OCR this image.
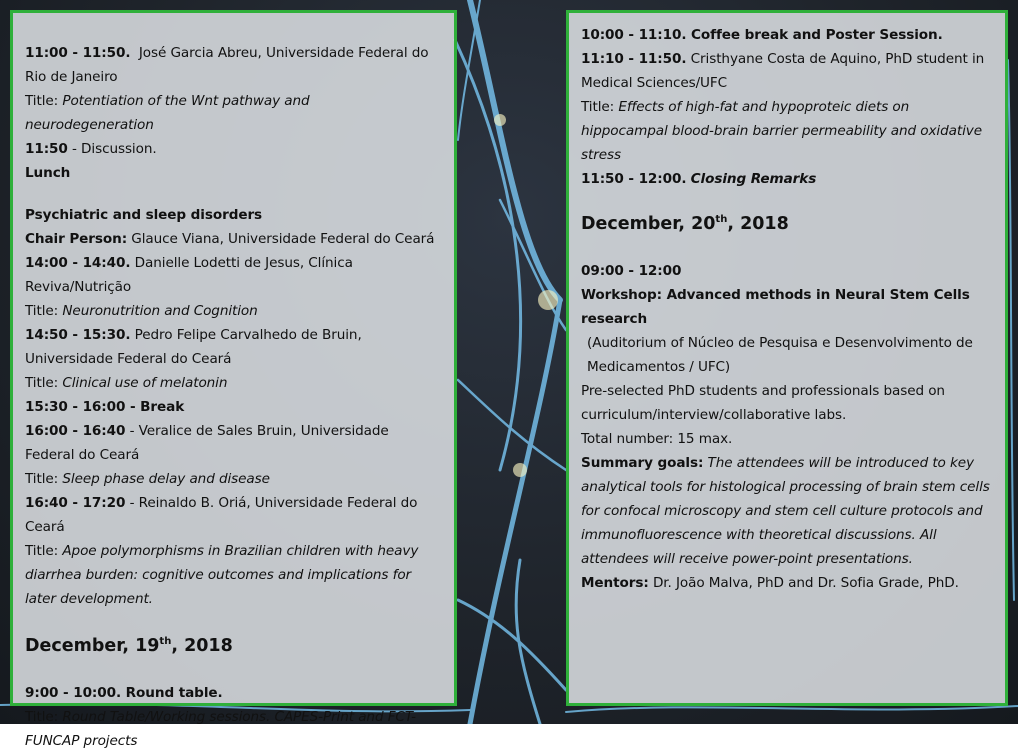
11:00 - 11:50. José Garcia Abreu, Universidade Federal do Rio de Janeiro

Title: Potentiation of the Wnt pathway and neurodegeneration

11:50 - Discussion.

Lunch

Psychiatric and sleep disorders

Chair Person: Glauce Viana, Universidade Federal do Ceará

14:00 - 14:40. Danielle Lodetti de Jesus, Clínica Reviva/Nutrição

Title: Neuronutrition and Cognition

14:50 - 15:30. Pedro Felipe Carvalhedo de Bruin, Universidade Federal do Ceará

Title: Clinical use of melatonin

15:30 - 16:00 - Break

16:00 - 16:40 - Veralice de Sales Bruin, Universidade Federal do Ceará

Title: Sleep phase delay and disease

16:40 - 17:20 - Reinaldo B. Oriá, Universidade Federal do Ceará

Title: Apoe polymorphisms in Brazilian children with heavy diarrhea burden: cognitive outcomes and implications for later development.

December, 19th, 2018

9:00 - 10:00. Round table.

Title: Round Table/Working sessions. CAPES-Print and FCT-FUNCAP projects

10:00 - 11:10. Coffee break and Poster Session.

11:10 - 11:50. Cristhyane Costa de Aquino, PhD student in Medical Sciences/UFC

Title: Effects of high-fat and hypoproteic diets on hippocampal blood-brain barrier permeability and oxidative stress

11:50 - 12:00. Closing Remarks

December, 20th, 2018

09:00 - 12:00

Workshop: Advanced methods in Neural Stem Cells research

(Auditorium of Núcleo de Pesquisa e Desenvolvimento de Medicamentos / UFC)

Pre-selected PhD students and professionals based on curriculum/interview/collaborative labs.

Total number: 15 max.

Summary goals: The attendees will be introduced to key analytical tools for histological processing of brain stem cells for confocal microscopy and stem cell culture protocols and immunofluorescence with theoretical discussions. All attendees will receive power-point presentations.

Mentors: Dr. João Malva, PhD and Dr. Sofia Grade, PhD.
